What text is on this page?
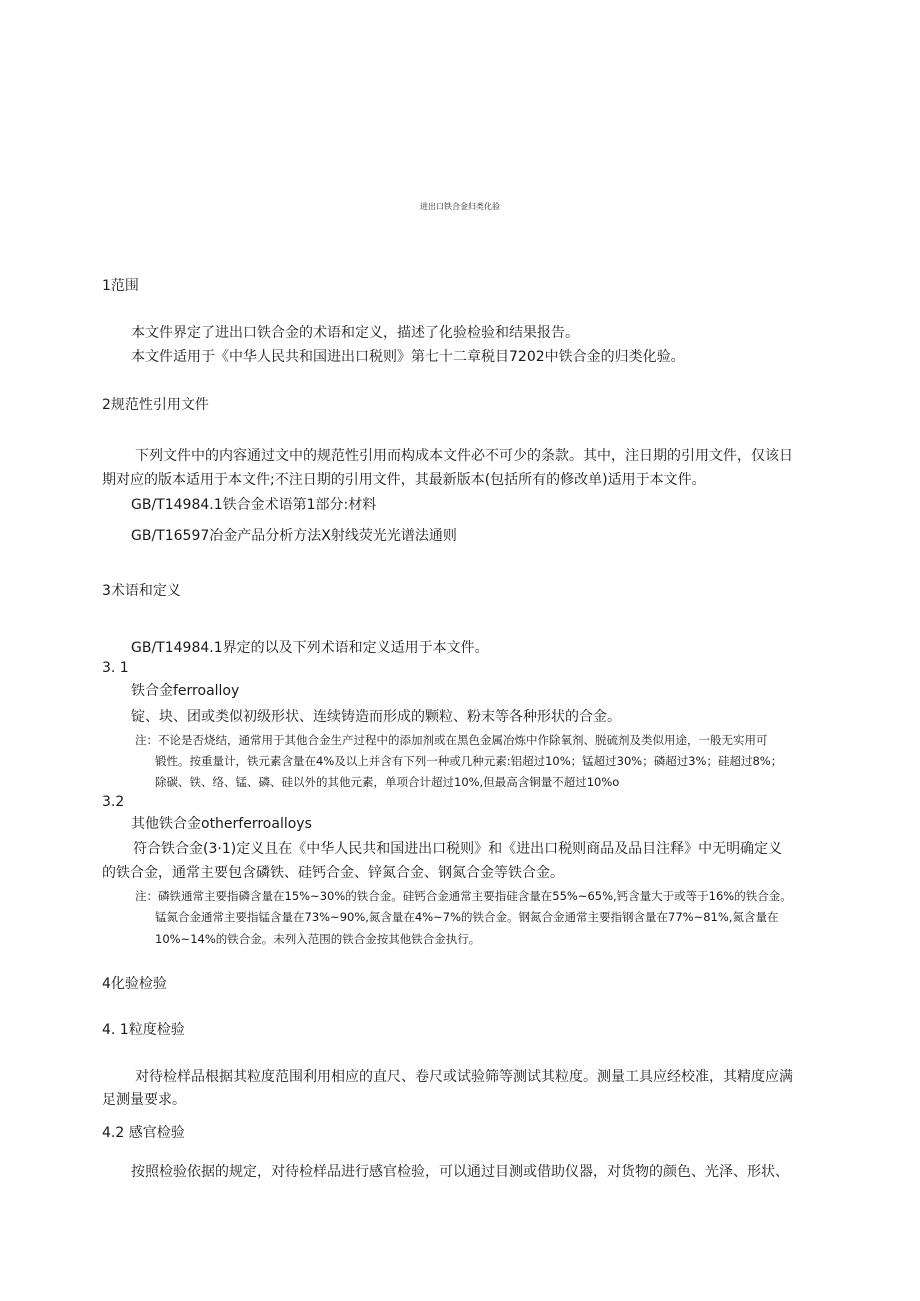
进出口铁合金归类化验
1范围
本文件界定了进出口铁合金的术语和定义，描述了化验检验和结果报告。
本文件适用于《中华人民共和国进出口税则》第七十二章税目7202中铁合金的归类化验。
2规范性引用文件
下列文件中的内容通过文中的规范性引用而构成本文件必不可少的条款。其中，注日期的引用文件，仅该日
期对应的版本适用于本文件;不注日期的引用文件，其最新版本(包括所有的修改单)适用于本文件。
GB/T14984.1铁合金术语第1部分:材料
GB/T16597冶金产品分析方法X射线荧光光谱法通则
3术语和定义
GB/T14984.1界定的以及下列术语和定义适用于本文件。
3. 1
铁合金ferroalloy
锭、块、团或类似初级形状、连续铸造而形成的颗粒、粉末等各种形状的合金。
注：不论是否烧结，通常用于其他合金生产过程中的添加剂或在黑色金属冶炼中作除氧剂、脱硫剂及类似用途，一般无实用可
锻性。按重量计，铁元素含量在4%及以上并含有下列一种或几种元素:铝超过10%；锰超过30%；磷超过3%；硅超过8%；
除碳、铁、络、锰、磷、硅以外的其他元素，单项合计超过10%,但最高含铜量不超过10%o
3.2
其他铁合金otherferroalloys
符合铁合金(3·1)定义且在《中华人民共和国进出口税则》和《进出口税则商品及品目注释》中无明确定义
的铁合金，通常主要包含磷铁、硅钙合金、锌氮合金、钢氮合金等铁合金。
注：磷铁通常主要指磷含量在15%~30%的铁合金。硅钙合金通常主要指硅含量在55%~65%,钙含量大于或等于16%的铁合金。
锰氮合金通常主要指锰含量在73%~90%,氮含量在4%~7%的铁合金。钢氮合金通常主要指钢含量在77%~81%,氮含量在
10%~14%的铁合金。未列入范围的铁合金按其他铁合金执行。
4化验检验
4. 1粒度检验
对待检样品根据其粒度范围利用相应的直尺、卷尺或试验筛等测试其粒度。测量工具应经校准，其精度应满
足测量要求。
4.2 感官检验
按照检验依据的规定，对待检样品进行感官检验，可以通过目测或借助仪器，对货物的颜色、光泽、形状、
